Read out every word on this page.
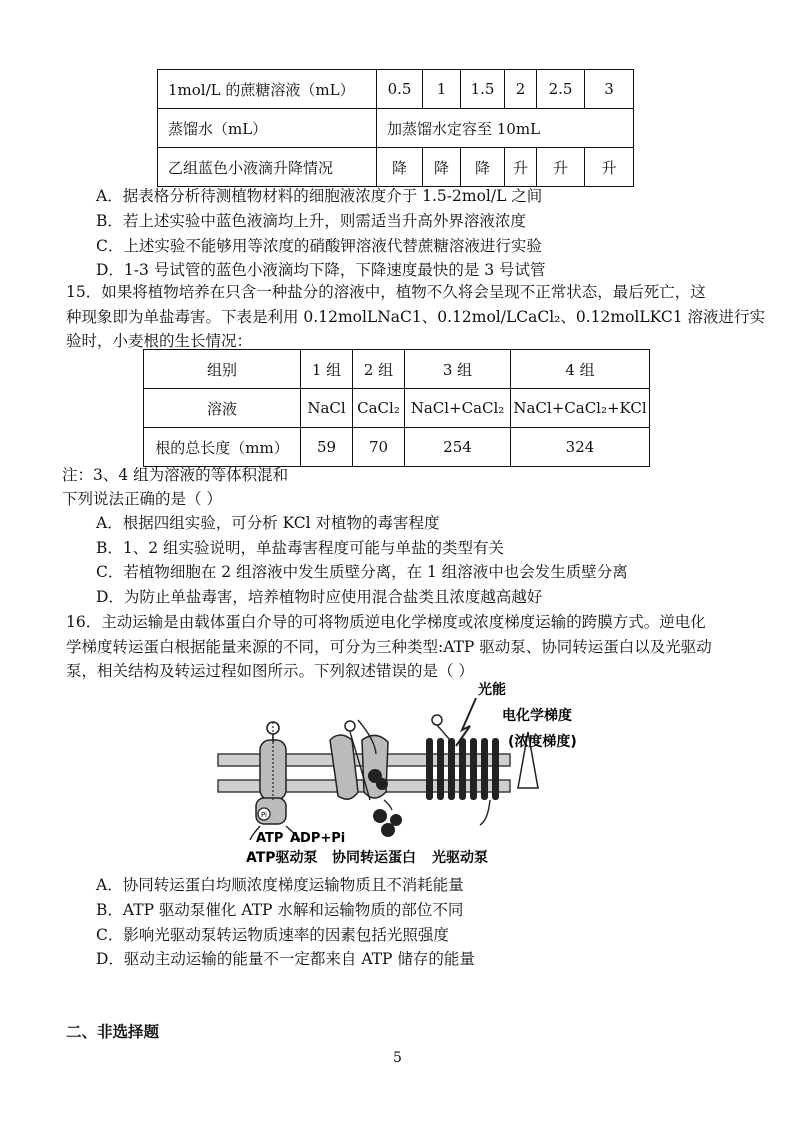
1mol/L 的蔗糖溶液（mL）	0.5	1	1.5	2	2.5	3
蒸馏水（mL）	加蒸馏水定容至 10mL					
乙组蓝色小液滴升降情况	降	降	降	升	升	升
A．据表格分析待测植物材料的细胞液浓度介于 1.5-2mol/L 之间
B．若上述实验中蓝色液滴均上升，则需适当升高外界溶液浓度
C．上述实验不能够用等浓度的硝酸钾溶液代替蔗糖溶液进行实验
D．1-3 号试管的蓝色小液滴均下降，下降速度最快的是 3 号试管
15．如果将植物培养在只含一种盐分的溶液中，植物不久将会呈现不正常状态，最后死亡，这
种现象即为单盐毒害。下表是利用 0.12molLNaC1、0.12mol/LCaCl₂、0.12molLKC1 溶液进行实
验时，小麦根的生长情况：
组别	1 组	2 组	3 组	4 组
溶液	NaCl	CaCl₂	NaCl+CaCl₂	NaCl+CaCl₂+KCl
根的总长度（mm）	59	70	254	324
注：3、4 组为溶液的等体积混和
下列说法正确的是（ ）
A．根据四组实验，可分析 KCl 对植物的毒害程度
B．1、2 组实验说明，单盐毒害程度可能与单盐的类型有关
C．若植物细胞在 2 组溶液中发生质壁分离，在 1 组溶液中也会发生质壁分离
D．为防止单盐毒害，培养植物时应使用混合盐类且浓度越高越好
16．主动运输是由载体蛋白介导的可将物质逆电化学梯度或浓度梯度运输的跨膜方式。逆电化
学梯度转运蛋白根据能量来源的不同，可分为三种类型:ATP 驱动泵、协同转运蛋白以及光驱动
泵，相关结构及转运过程如图所示。下列叙述错误的是（ ）
Pi
光能
电化学梯度
(浓度梯度)
ATP ADP+Pi
ATP驱动泵 协同转运蛋白 光驱动泵
A．协同转运蛋白均顺浓度梯度运输物质且不消耗能量
B．ATP 驱动泵催化 ATP 水解和运输物质的部位不同
C．影响光驱动泵转运物质速率的因素包括光照强度
D．驱动主动运输的能量不一定都来自 ATP 储存的能量
二、非选择题
5
